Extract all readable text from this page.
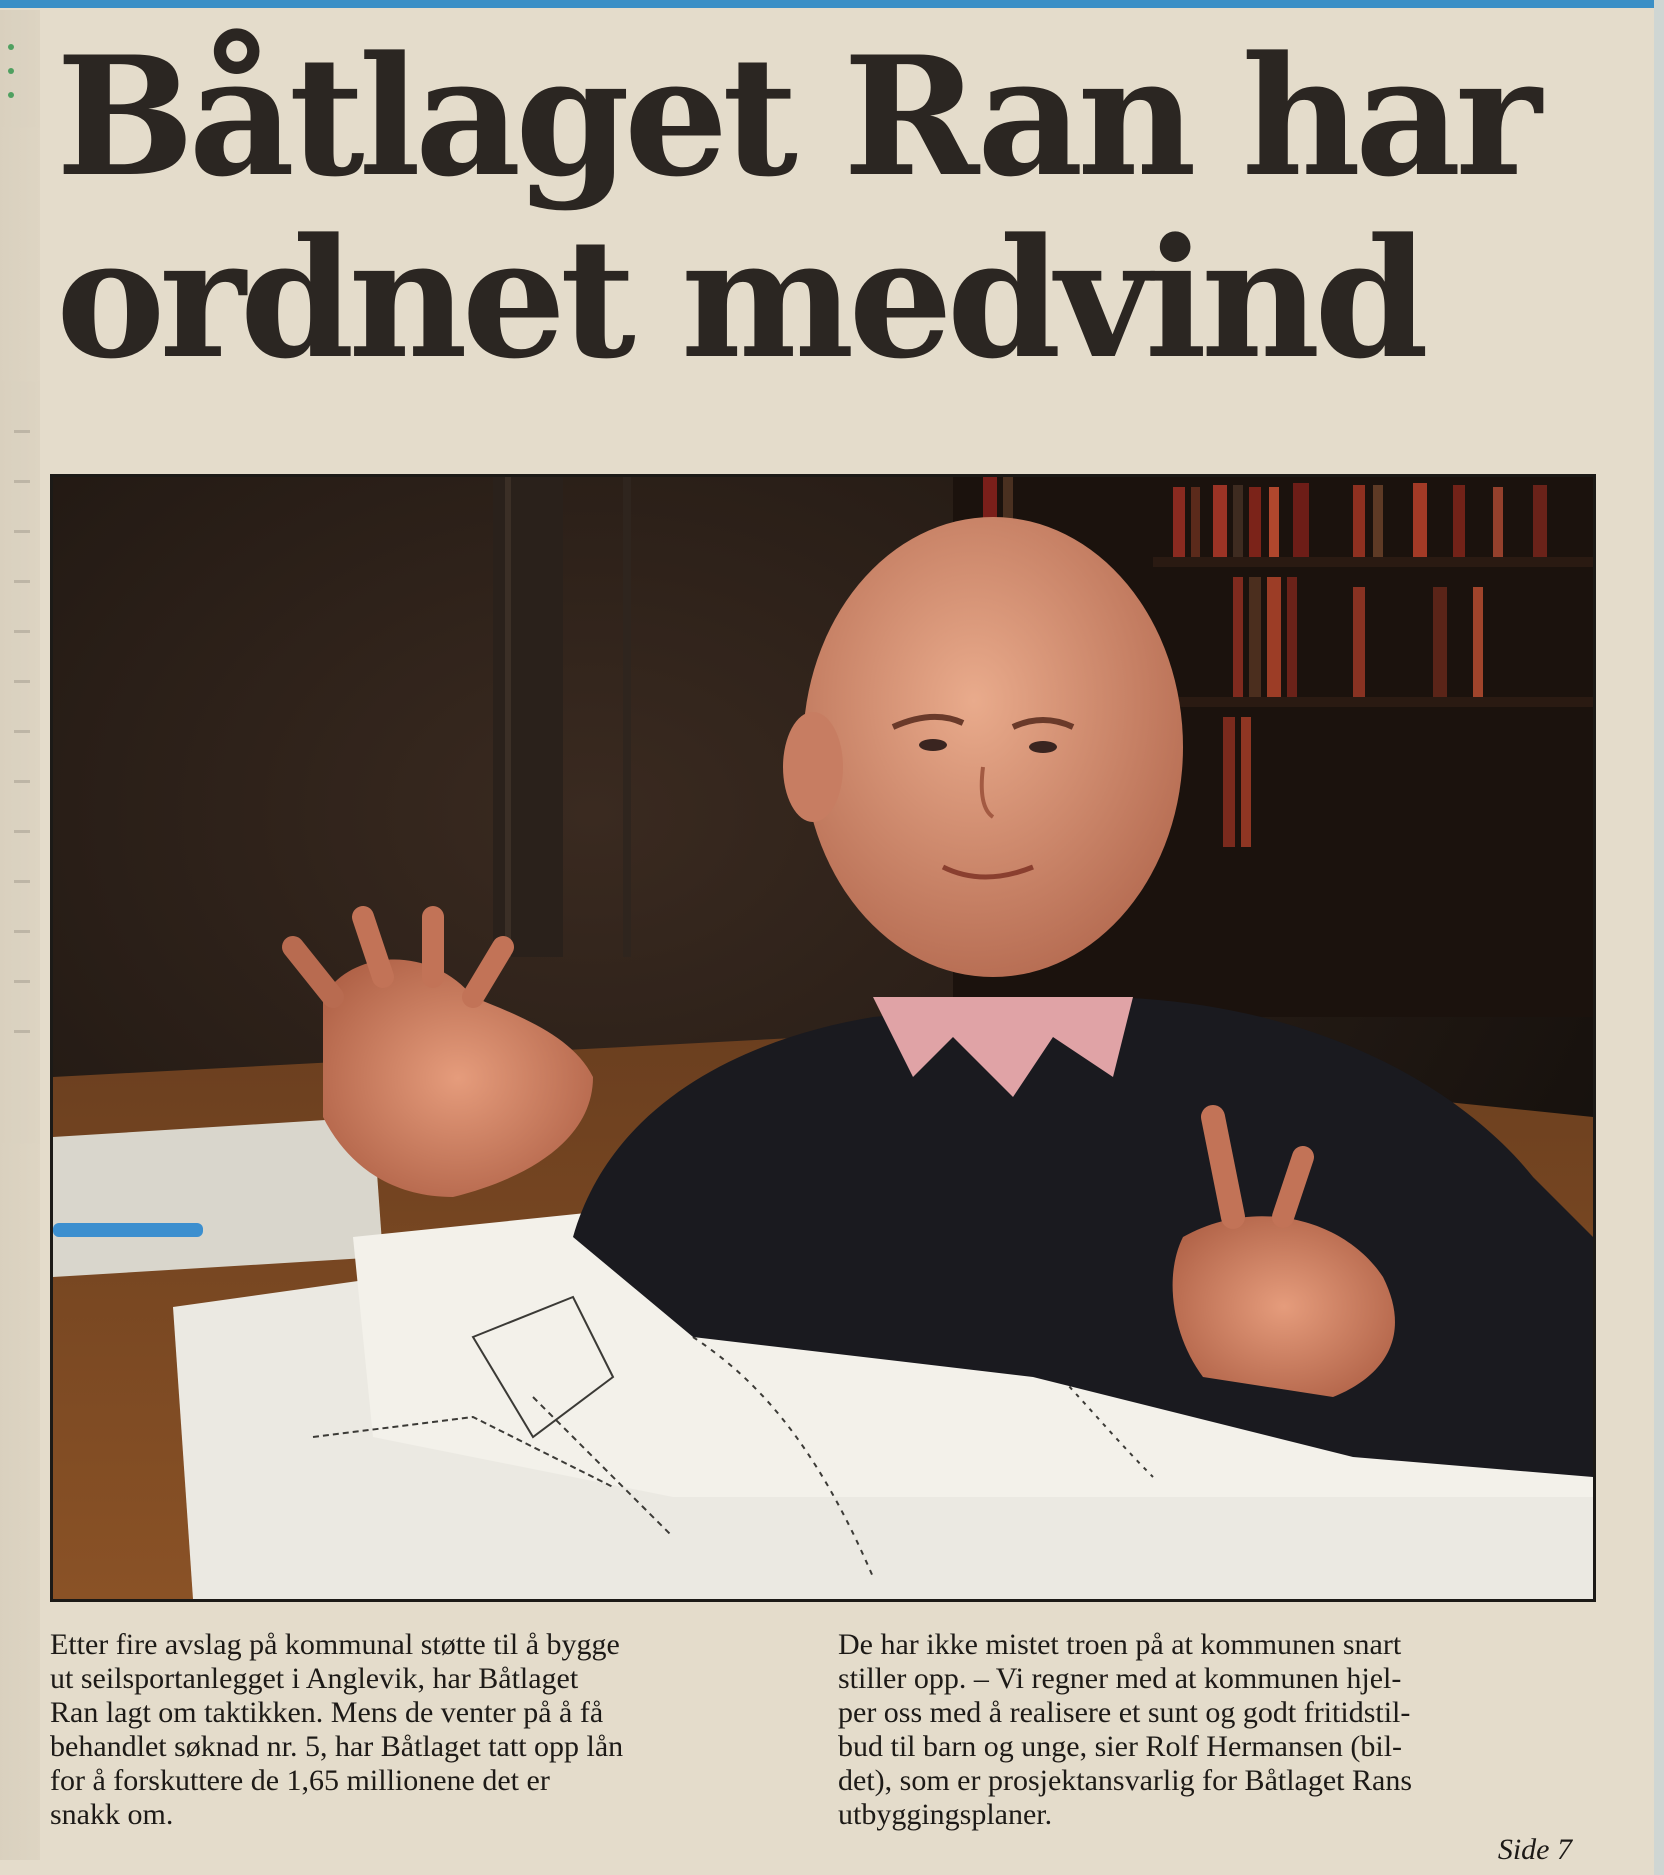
Båtlaget Ran har
ordnet medvind

Etter fire avslag på kommunal støtte til å bygge

ut seilsportanlegget i Anglevik, har Båtlaget

Ran lagt om taktikken. Mens de venter på å få

behandlet søknad nr. 5, har Båtlaget tatt opp lån

for å forskuttere de 1,65 millionene det er

snakk om.

De har ikke mistet troen på at kommunen snart

stiller opp. – Vi regner med at kommunen hjel-

per oss med å realisere et sunt og godt fritidstil-

bud til barn og unge, sier Rolf Hermansen (bil-

det), som er prosjektansvarlig for Båtlaget Rans

utbyggingsplaner.

Side 7
